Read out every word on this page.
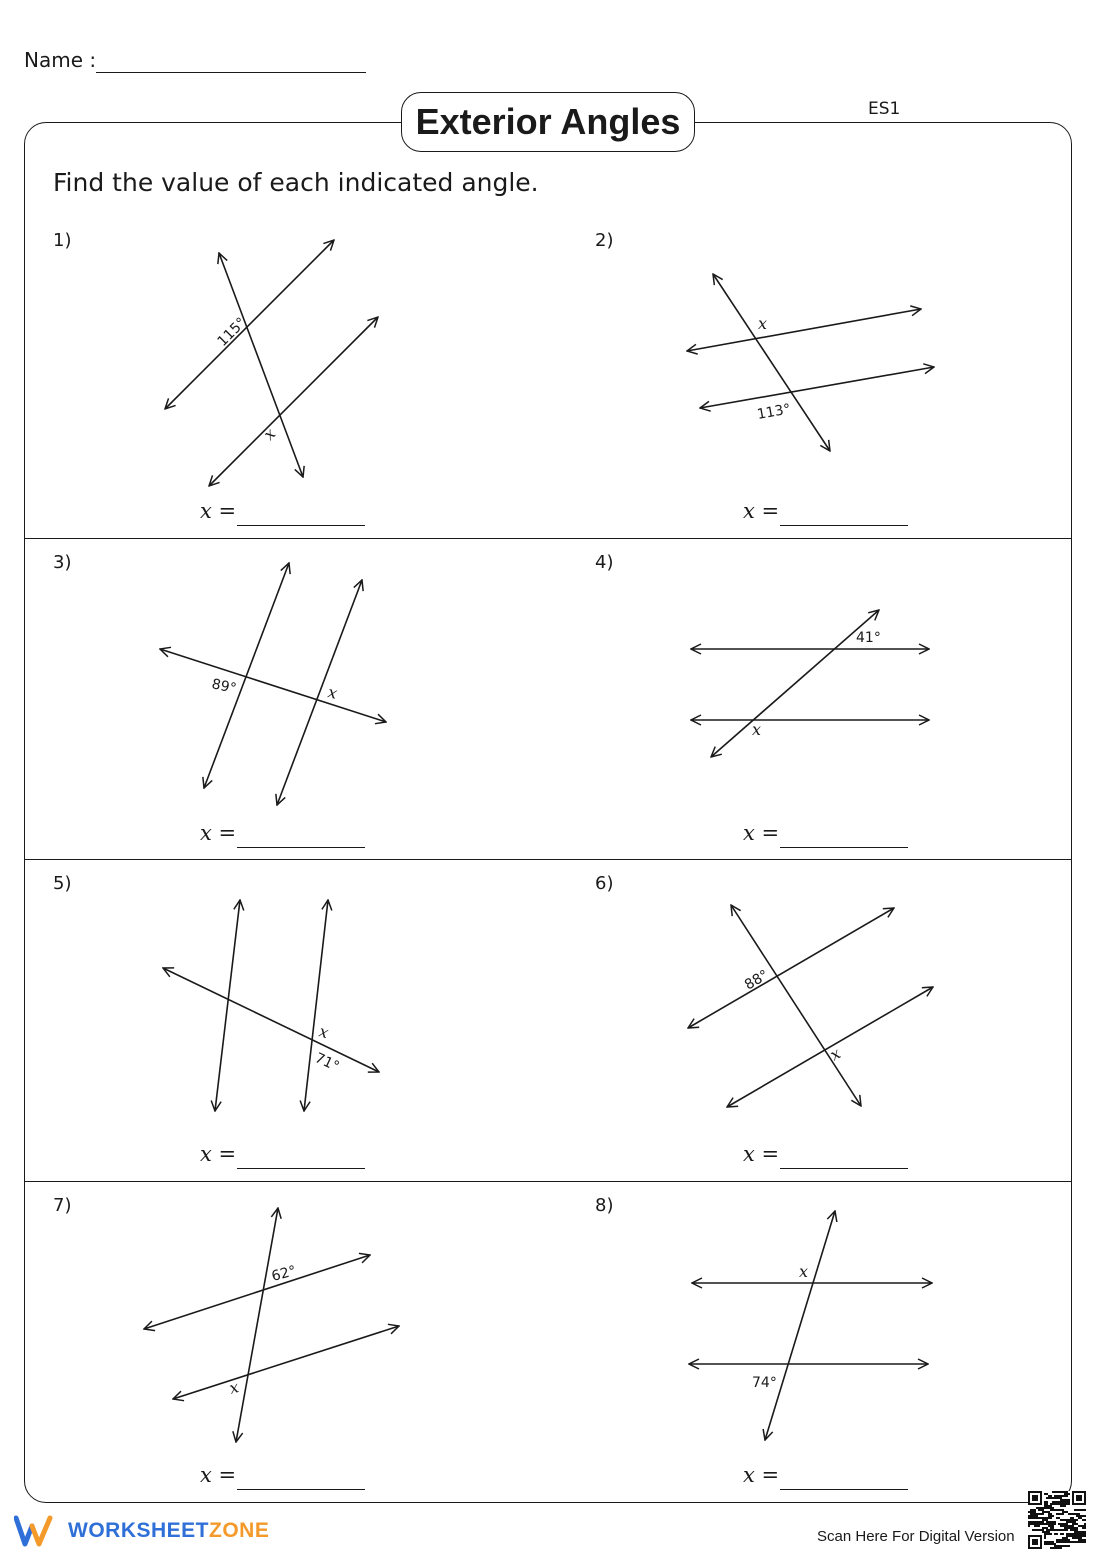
Name :
Exterior Angles	ES1
Find the value of each indicated angle.
1)	2)
3)	4)
5)	6)
7)	8)
115°
x
x
113°
89°	x
41°
x
x
71°
88°
x
62°
x
x
74°
x =	x =
x =	x =
x =	x =
x =	x =
WORKSHEETZONE	Scan Here For Digital Version
